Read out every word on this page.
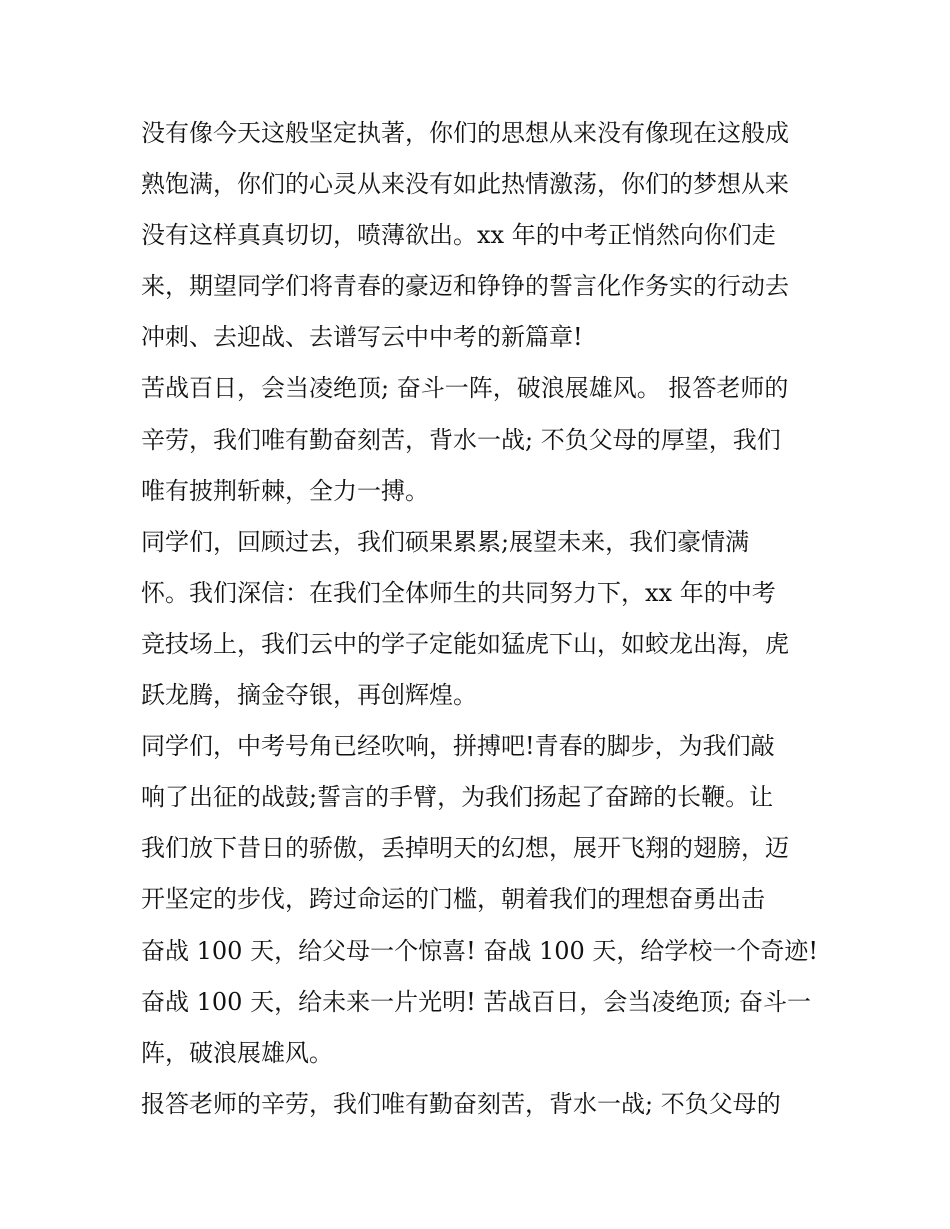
没有像今天这般坚定执著，你们的思想从来没有像现在这般成
熟饱满，你们的心灵从来没有如此热情激荡，你们的梦想从来
没有这样真真切切，喷薄欲出。xx 年的中考正悄然向你们走
来，期望同学们将青春的豪迈和铮铮的誓言化作务实的行动去
冲刺、去迎战、去谱写云中中考的新篇章!
苦战百日，会当凌绝顶; 奋斗一阵，破浪展雄风。 报答老师的
辛劳，我们唯有勤奋刻苦，背水一战; 不负父母的厚望，我们
唯有披荆斩棘，全力一搏。
同学们，回顾过去，我们硕果累累;展望未来，我们豪情满
怀。我们深信：在我们全体师生的共同努力下，xx 年的中考
竞技场上，我们云中的学子定能如猛虎下山，如蛟龙出海，虎
跃龙腾，摘金夺银，再创辉煌。
同学们，中考号角已经吹响，拼搏吧!青春的脚步，为我们敲
响了出征的战鼓;誓言的手臂，为我们扬起了奋蹄的长鞭。让
我们放下昔日的骄傲，丢掉明天的幻想，展开飞翔的翅膀，迈
开坚定的步伐，跨过命运的门槛，朝着我们的理想奋勇出击
奋战 100 天，给父母一个惊喜! 奋战 100 天，给学校一个奇迹!
奋战 100 天，给未来一片光明! 苦战百日，会当凌绝顶; 奋斗一
阵，破浪展雄风。
报答老师的辛劳，我们唯有勤奋刻苦，背水一战; 不负父母的
